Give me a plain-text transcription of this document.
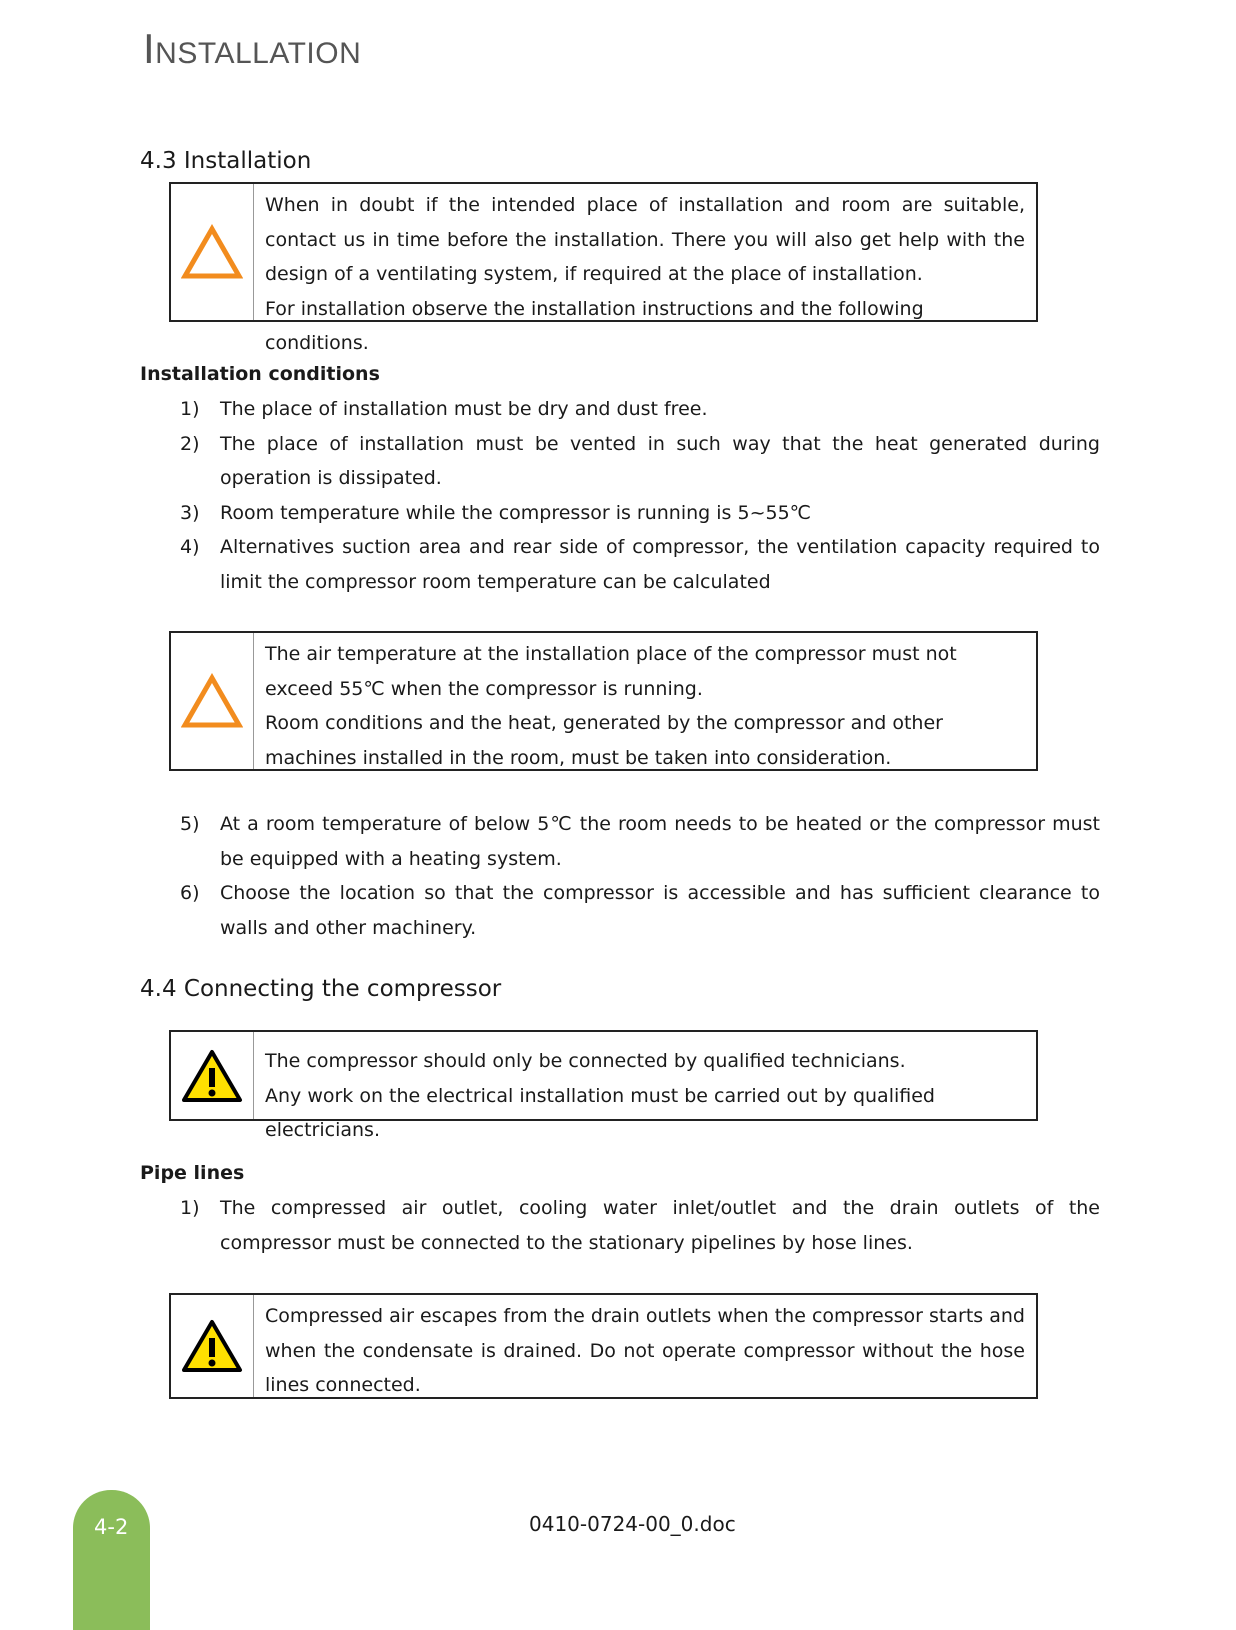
INSTALLATION
4.3 Installation

When in doubt if the intended place of installation and room are suitable, contact us in time before the installation. There you will also get help with the design of a ventilating system, if required at the place of installation.

For installation observe the installation instructions and the following conditions.

Installation conditions
1)	The place of installation must be dry and dust free.
2)	The place of installation must be vented in such way that the heat generated during operation is dissipated.
3)	Room temperature while the compressor is running is 5~55℃
4)	Alternatives suction area and rear side of compressor, the ventilation capacity required to limit the compressor room temperature can be calculated

The air temperature at the installation place of the compressor must not exceed 55℃ when the compressor is running.

Room conditions and the heat, generated by the compressor and other machines installed in the room, must be taken into consideration.

5)	At a room temperature of below 5℃ the room needs to be heated or the compressor must be equipped with a heating system.
6)	Choose the location so that the compressor is accessible and has sufficient clearance to walls and other machinery.
4.4 Connecting the compressor

The compressor should only be connected by qualified technicians.

Any work on the electrical installation must be carried out by qualified electricians.

Pipe lines
1)	The compressed air outlet, cooling water inlet/outlet and the drain outlets of the compressor must be connected to the stationary pipelines by hose lines.

Compressed air escapes from the drain outlets when the compressor starts and when the condensate is drained. Do not operate compressor without the hose lines connected.

4-2	0410-0724-00_0.doc
